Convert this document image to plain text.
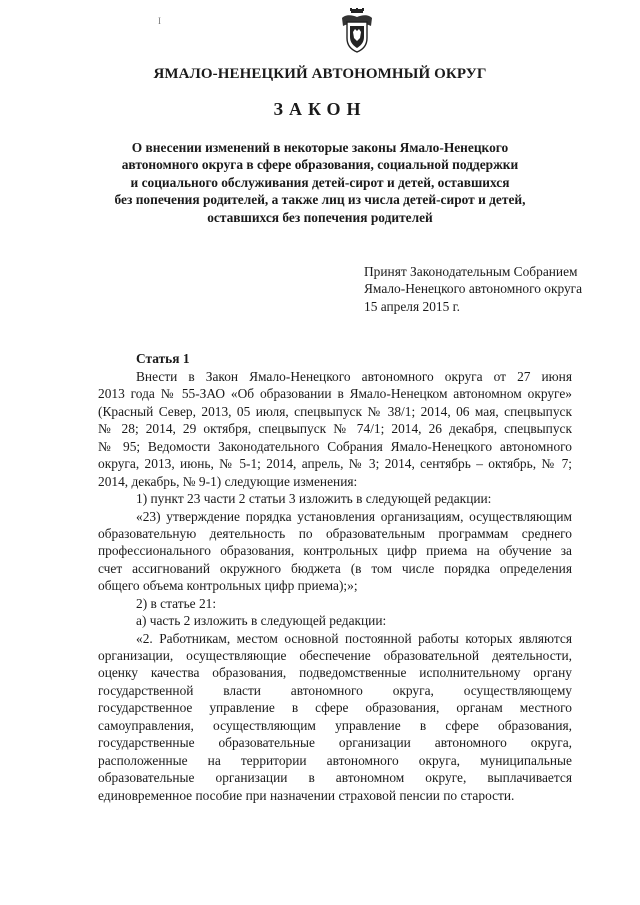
I
ЯМАЛО-НЕНЕЦКИЙ АВТОНОМНЫЙ ОКРУГ
ЗАКОН
О внесении изменений в некоторые законы Ямало-Ненецкого
автономного округа в сфере образования, социальной поддержки
и социального обслуживания детей-сирот и детей, оставшихся
без попечения родителей, а также лиц из числа детей-сирот и детей,
оставшихся без попечения родителей
Принят Законодательным Собранием
Ямало-Ненецкого автономного округа
15 апреля 2015 г.
Статья 1
Внести в Закон Ямало-Ненецкого автономного округа от 27 июня
2013 года № 55-ЗАО «Об образовании в Ямало-Ненецком автономном округе»
(Красный Север, 2013, 05 июля, спецвыпуск № 38/1; 2014, 06 мая, спецвыпуск
№ 28; 2014, 29 октября, спецвыпуск № 74/1; 2014, 26 декабря, спецвыпуск
№ 95; Ведомости Законодательного Собрания Ямало-Ненецкого автономного
округа, 2013, июнь, № 5-1; 2014, апрель, № 3; 2014, сентябрь – октябрь, № 7;
2014, декабрь, № 9-1) следующие изменения:
1) пункт 23 части 2 статьи 3 изложить в следующей редакции:
«23) утверждение порядка установления организациям, осуществляющим
образовательную деятельность по образовательным программам среднего
профессионального образования, контрольных цифр приема на обучение за
счет ассигнований окружного бюджета (в том числе порядка определения
общего объема контрольных цифр приема);»;
2) в статье 21:
а) часть 2 изложить в следующей редакции:
«2. Работникам, местом основной постоянной работы которых являются
организации, осуществляющие обеспечение образовательной деятельности,
оценку качества образования, подведомственные исполнительному органу
государственной власти автономного округа, осуществляющему
государственное управление в сфере образования, органам местного
самоуправления, осуществляющим управление в сфере образования,
государственные образовательные организации автономного округа,
расположенные на территории автономного округа, муниципальные
образовательные организации в автономном округе, выплачивается
единовременное пособие при назначении страховой пенсии по старости.
